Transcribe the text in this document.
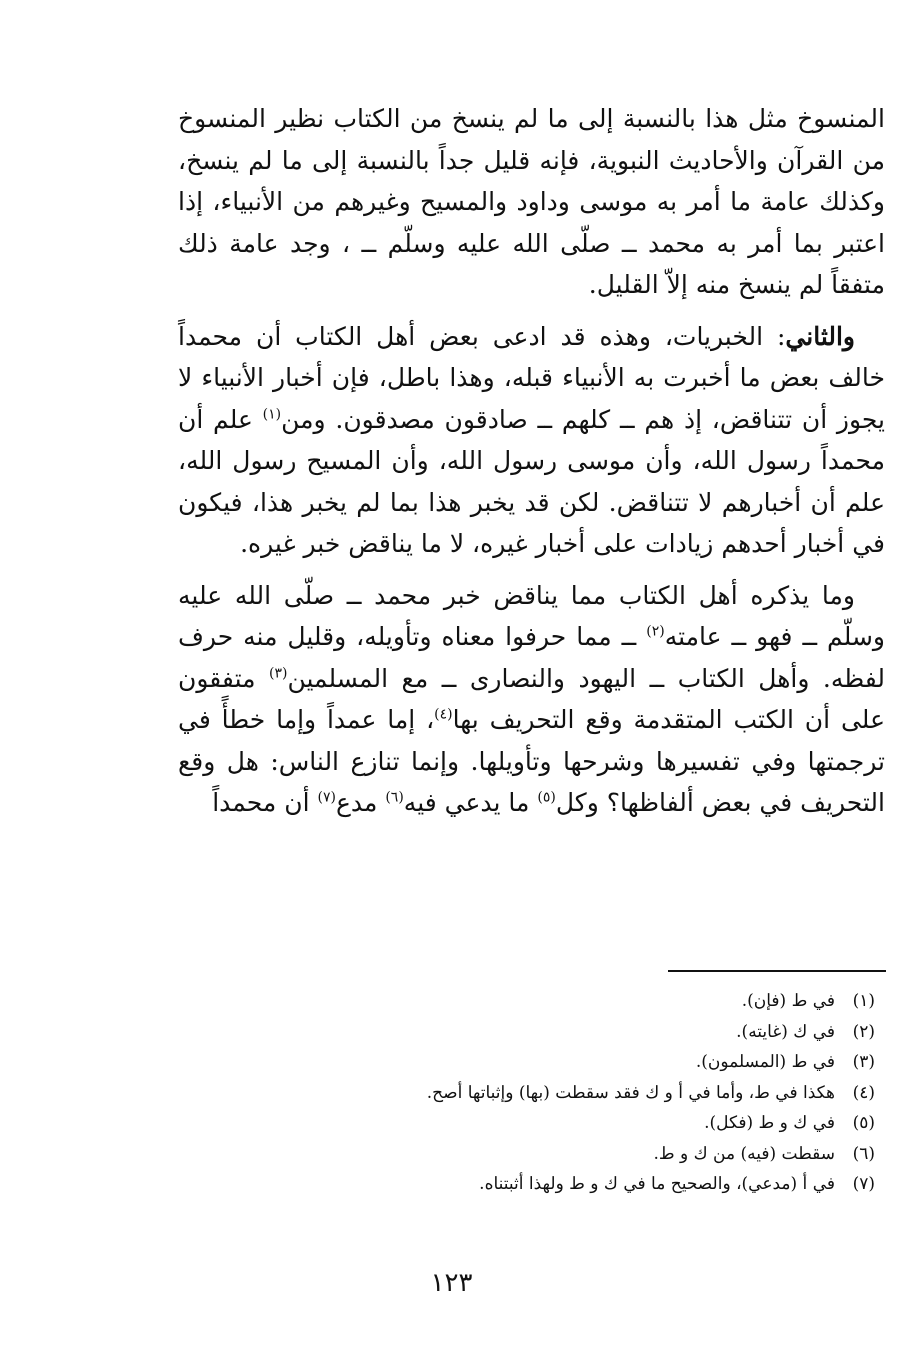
المنسوخ مثل هذا بالنسبة إلى ما لم ينسخ من الكتاب نظير المنسوخ من القرآن والأحاديث النبوية، فإنه قليل جداً بالنسبة إلى ما لم ينسخ، وكذلك عامة ما أمر به موسى وداود والمسيح وغيرهم من الأنبياء، إذا اعتبر بما أمر به محمد ــ صلّى الله عليه وسلّم ــ ، وجد عامة ذلك متفقاً لم ينسخ منه إلاّ القليل.

والثاني: الخبريات، وهذه قد ادعى بعض أهل الكتاب أن محمداً خالف بعض ما أخبرت به الأنبياء قبله، وهذا باطل، فإن أخبار الأنبياء لا يجوز أن تتناقض، إذ هم ــ كلهم ــ صادقون مصدقون. ومن$^{(١)}$ علم أن محمداً رسول الله، وأن موسى رسول الله، وأن المسيح رسول الله، علم أن أخبارهم لا تتناقض. لكن قد يخبر هذا بما لم يخبر هذا، فيكون في أخبار أحدهم زيادات على أخبار غيره، لا ما يناقض خبر غيره.

وما يذكره أهل الكتاب مما يناقض خبر محمد ــ صلّى الله عليه وسلّم ــ فهو ــ عامته$^{(٢)}$ ــ مما حرفوا معناه وتأويله، وقليل منه حرف لفظه. وأهل الكتاب ــ اليهود والنصارى ــ مع المسلمين$^{(٣)}$ متفقون على أن الكتب المتقدمة وقع التحريف بها$^{(٤)}$، إما عمداً وإما خطأً في ترجمتها وفي تفسيرها وشرحها وتأويلها. وإنما تنازع الناس: هل وقع التحريف في بعض ألفاظها؟ وكل$^{(٥)}$ ما يدعي فيه$^{(٦)}$ مدع$^{(٧)}$ أن محمداً

(١)
في ط (فإن).
(٢)
في ك (غايته).
(٣)
في ط (المسلمون).
(٤)
هكذا في ط، وأما في أ و ك فقد سقطت (بها) وإثباتها أصح.
(٥)
في ك و ط (فكل).
(٦)
سقطت (فيه) من ك و ط.
(٧)
في أ (مدعي)، والصحيح ما في ك و ط ولهذا أثبتناه.
١٢٣
